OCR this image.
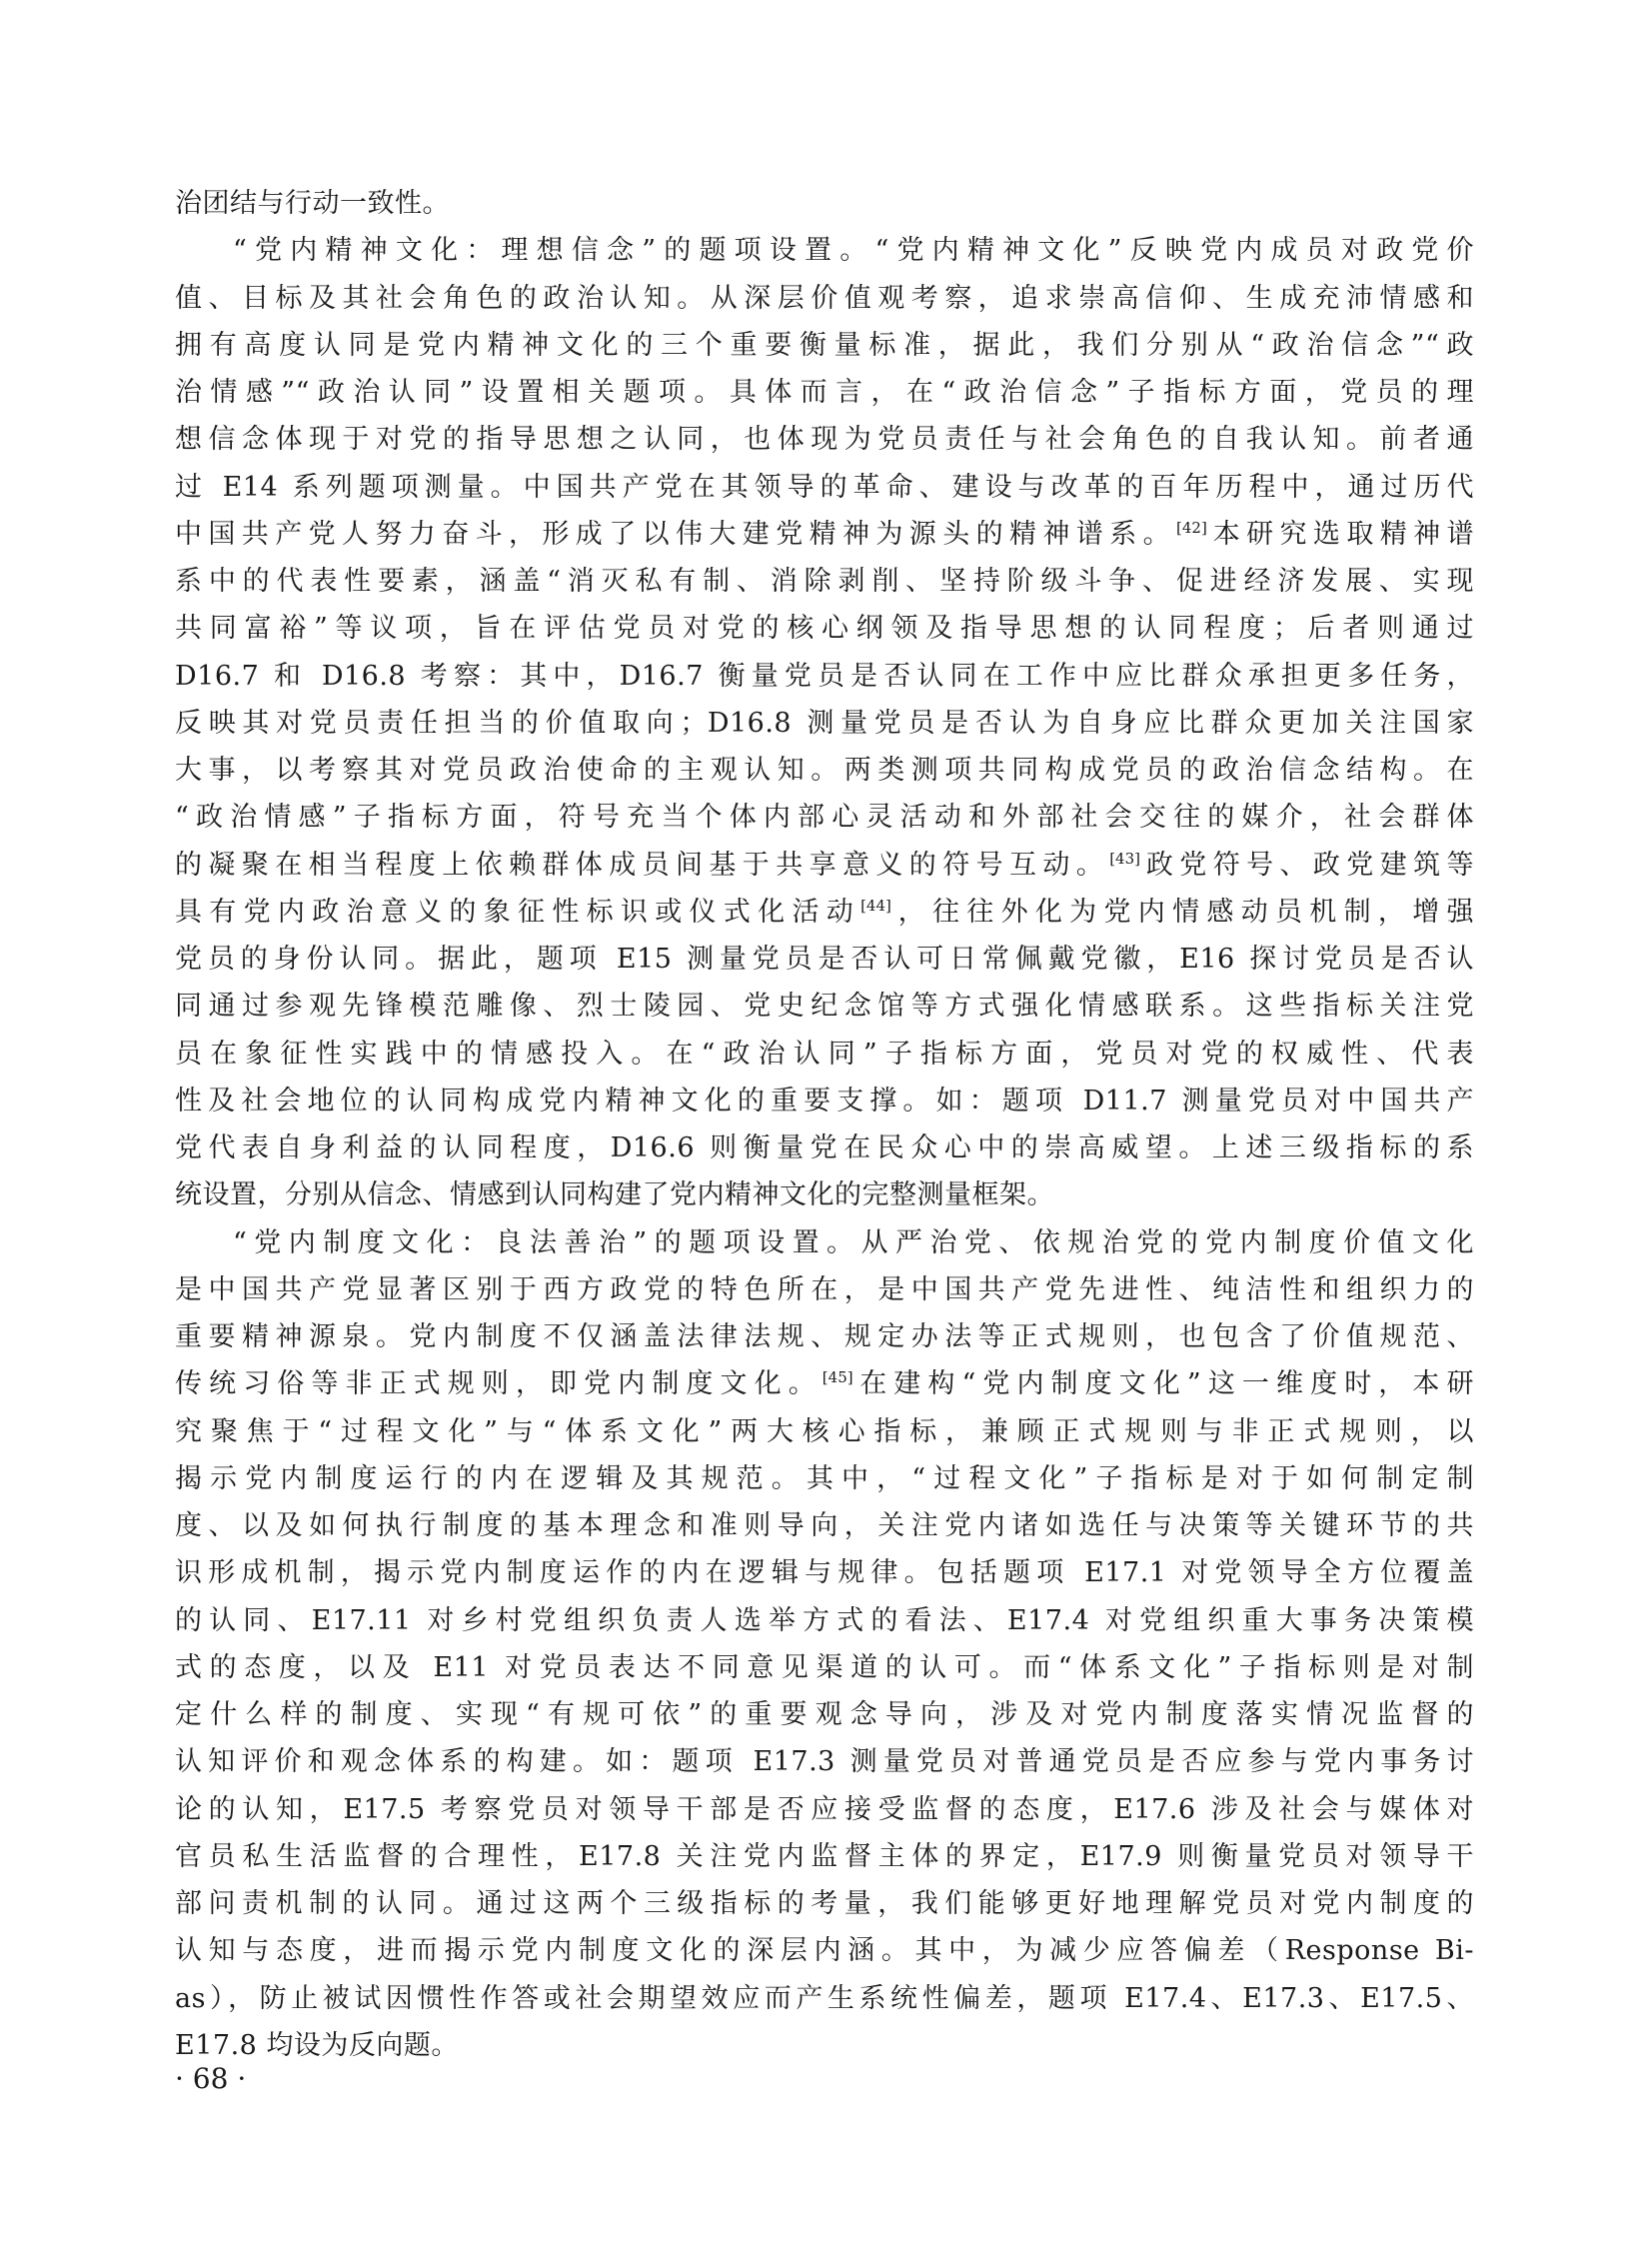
治团结与行动一致性。
“党内精神文化：理想信念”的题项设置。“党内精神文化”反映党内成员对政党价
值、目标及其社会角色的政治认知。从深层价值观考察，追求崇高信仰、生成充沛情感和
拥有高度认同是党内精神文化的三个重要衡量标准，据此，我们分别从“政治信念”“政
治情感”“政治认同”设置相关题项。具体而言，在“政治信念”子指标方面，党员的理
想信念体现于对党的指导思想之认同，也体现为党员责任与社会角色的自我认知。前者通
过 E14 系列题项测量。中国共产党在其领导的革命、建设与改革的百年历程中，通过历代
中国共产党人努力奋斗，形成了以伟大建党精神为源头的精神谱系。[42]本研究选取精神谱
系中的代表性要素，涵盖“消灭私有制、消除剥削、坚持阶级斗争、促进经济发展、实现
共同富裕”等议项，旨在评估党员对党的核心纲领及指导思想的认同程度；后者则通过
D16.7 和 D16.8 考察：其中，D16.7 衡量党员是否认同在工作中应比群众承担更多任务，
反映其对党员责任担当的价值取向；D16.8 测量党员是否认为自身应比群众更加关注国家
大事，以考察其对党员政治使命的主观认知。两类测项共同构成党员的政治信念结构。在
“政治情感”子指标方面，符号充当个体内部心灵活动和外部社会交往的媒介，社会群体
的凝聚在相当程度上依赖群体成员间基于共享意义的符号互动。[43]政党符号、政党建筑等
具有党内政治意义的象征性标识或仪式化活动[44]，往往外化为党内情感动员机制，增强
党员的身份认同。据此，题项 E15 测量党员是否认可日常佩戴党徽，E16 探讨党员是否认
同通过参观先锋模范雕像、烈士陵园、党史纪念馆等方式强化情感联系。这些指标关注党
员在象征性实践中的情感投入。在“政治认同”子指标方面，党员对党的权威性、代表
性及社会地位的认同构成党内精神文化的重要支撑。如：题项 D11.7 测量党员对中国共产
党代表自身利益的认同程度，D16.6 则衡量党在民众心中的崇高威望。上述三级指标的系
统设置，分别从信念、情感到认同构建了党内精神文化的完整测量框架。
“党内制度文化：良法善治”的题项设置。从严治党、依规治党的党内制度价值文化
是中国共产党显著区别于西方政党的特色所在，是中国共产党先进性、纯洁性和组织力的
重要精神源泉。党内制度不仅涵盖法律法规、规定办法等正式规则，也包含了价值规范、
传统习俗等非正式规则，即党内制度文化。[45]在建构“党内制度文化”这一维度时，本研
究聚焦于“过程文化”与“体系文化”两大核心指标，兼顾正式规则与非正式规则，以
揭示党内制度运行的内在逻辑及其规范。其中，“过程文化”子指标是对于如何制定制
度、以及如何执行制度的基本理念和准则导向，关注党内诸如选任与决策等关键环节的共
识形成机制，揭示党内制度运作的内在逻辑与规律。包括题项 E17.1 对党领导全方位覆盖
的认同、E17.11 对乡村党组织负责人选举方式的看法、E17.4 对党组织重大事务决策模
式的态度，以及 E11 对党员表达不同意见渠道的认可。而“体系文化”子指标则是对制
定什么样的制度、实现“有规可依”的重要观念导向，涉及对党内制度落实情况监督的
认知评价和观念体系的构建。如：题项 E17.3 测量党员对普通党员是否应参与党内事务讨
论的认知，E17.5 考察党员对领导干部是否应接受监督的态度，E17.6 涉及社会与媒体对
官员私生活监督的合理性，E17.8 关注党内监督主体的界定，E17.9 则衡量党员对领导干
部问责机制的认同。通过这两个三级指标的考量，我们能够更好地理解党员对党内制度的
认知与态度，进而揭示党内制度文化的深层内涵。其中，为减少应答偏差（Response Bi-
as），防止被试因惯性作答或社会期望效应而产生系统性偏差，题项 E17.4、E17.3、E17.5、
E17.8 均设为反向题。
· 68 ·
